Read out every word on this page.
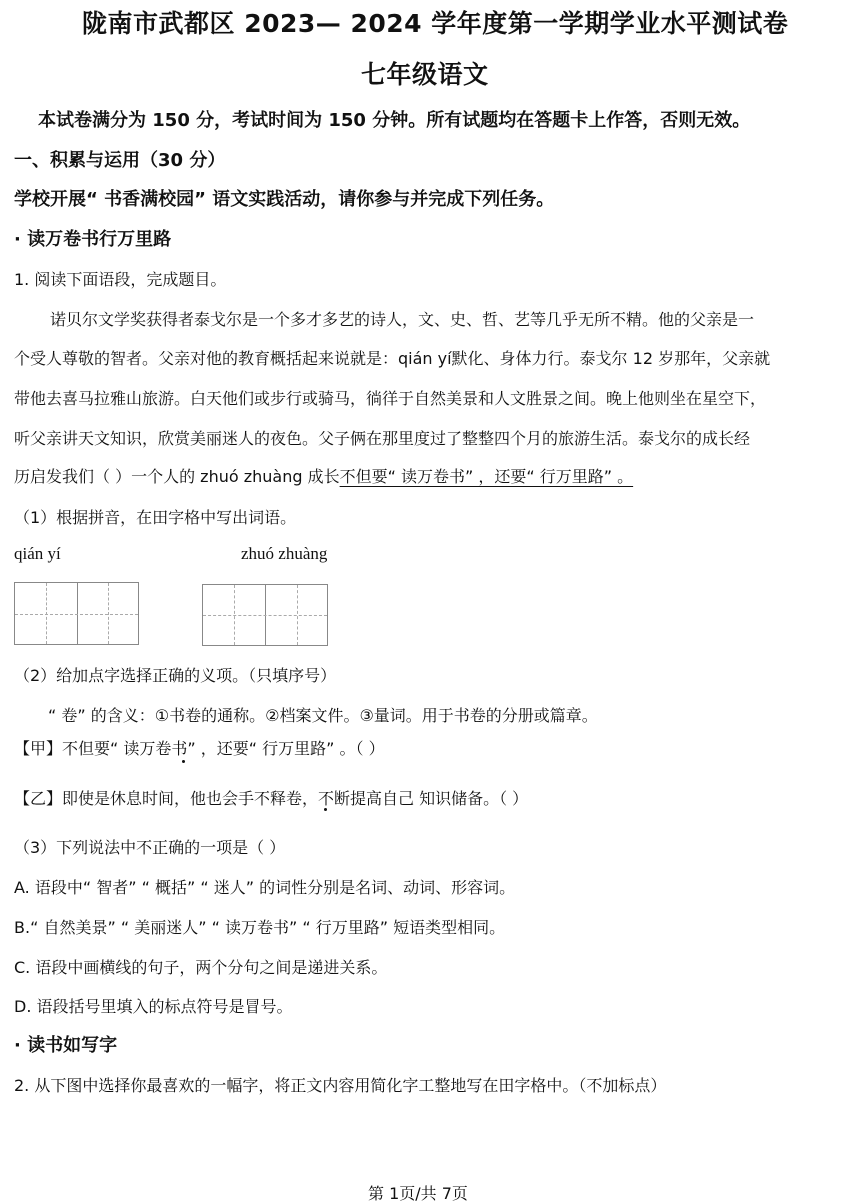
陇南市武都区 2023— 2024 学年度第一学期学业水平测试卷
七年级语文
本试卷满分为 150 分，考试时间为 150 分钟。所有试题均在答题卡上作答，否则无效。
一、积累与运用（30 分）
学校开展“ 书香满校园” 语文实践活动，请你参与并完成下列任务。
· 读万卷书行万里路
1. 阅读下面语段，完成题目。
诺贝尔文学奖获得者泰戈尔是一个多才多艺的诗人，文、史、哲、艺等几乎无所不精。他的父亲是一
个受人尊敬的智者。父亲对他的教育概括起来说就是：qián yí默化、身体力行。泰戈尔 12 岁那年，父亲就
带他去喜马拉雅山旅游。白天他们或步行或骑马，徜徉于自然美景和人文胜景之间。晚上他则坐在星空下，
听父亲讲天文知识，欣赏美丽迷人的夜色。父子俩在那里度过了整整四个月的旅游生活。泰戈尔的成长经
历启发我们（ ）一个人的 zhuó zhuàng 成长不但要“ 读万卷书” ，还要“ 行万里路” 。
（1）根据拼音，在田字格中写出词语。
qián yí	zhuó zhuàng
（2）给加点字选择正确的义项。（只填序号）
“ 卷” 的含义：①书卷的通称。②档案文件。③量词。用于书卷的分册或篇章。
【甲】不但要“ 读万卷书” ，还要“ 行万里路” 。（ ）
【乙】即使是休息时间，他也会手不释卷，不断提高自己 知识储备。（ ）
（3）下列说法中不正确的一项是（ ）
A. 语段中“ 智者” “ 概括” “ 迷人” 的词性分别是名词、动词、形容词。
B.“ 自然美景” “ 美丽迷人” “ 读万卷书” “ 行万里路” 短语类型相同。
C. 语段中画横线的句子，两个分句之间是递进关系。
D. 语段括号里填入的标点符号是冒号。
· 读书如写字
2. 从下图中选择你最喜欢的一幅字，将正文内容用简化字工整地写在田字格中。（不加标点）
第 1页/共 7页
